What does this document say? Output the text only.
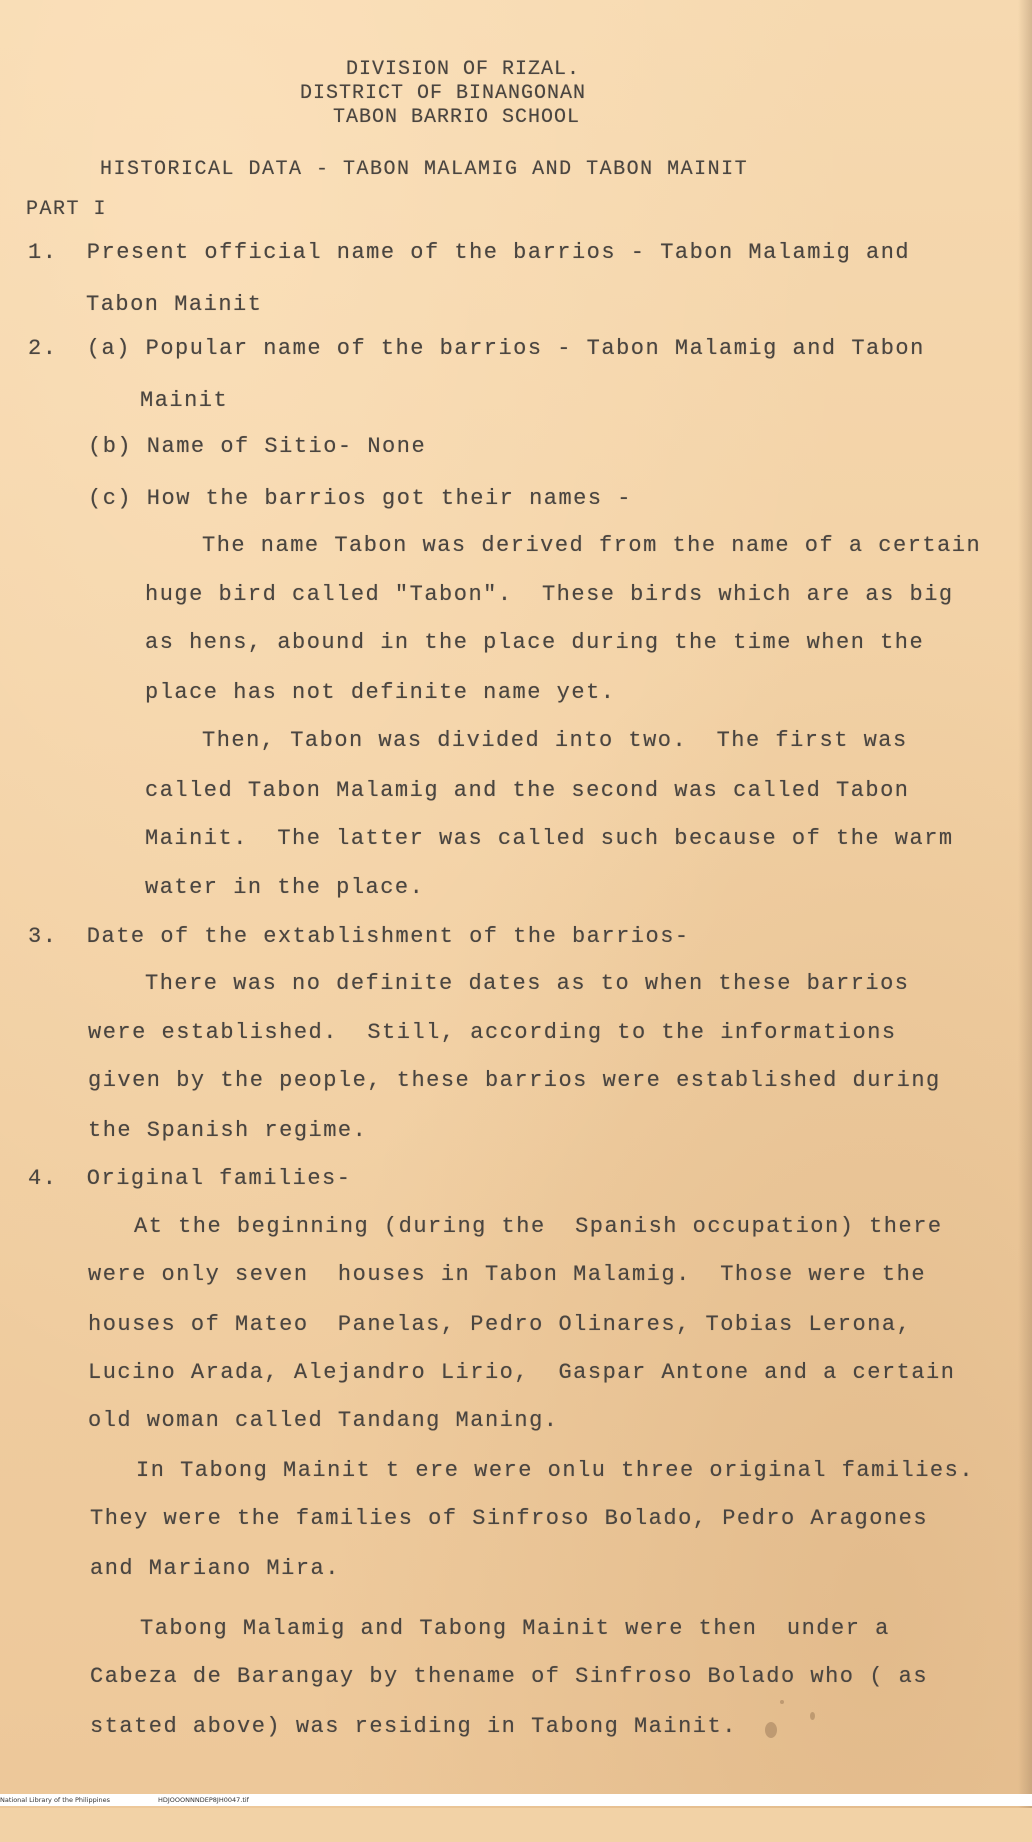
DIVISION OF RIZAL.
DISTRICT OF BINANGONAN
TABON BARRIO SCHOOL
HISTORICAL DATA - TABON MALAMIG AND TABON MAINIT
PART I
1.  Present official name of the barrios - Tabon Malamig and
Tabon Mainit
2.  (a) Popular name of the barrios - Tabon Malamig and Tabon
Mainit
(b) Name of Sitio- None
(c) How the barrios got their names -
The name Tabon was derived from the name of a certain
huge bird called "Tabon".  These birds which are as big
as hens, abound in the place during the time when the
place has not definite name yet.
Then, Tabon was divided into two.  The first was
called Tabon Malamig and the second was called Tabon
Mainit.  The latter was called such because of the warm
water in the place.
3.  Date of the extablishment of the barrios-
There was no definite dates as to when these barrios
were established.  Still, according to the informations
given by the people, these barrios were established during
the Spanish regime.
4.  Original families-
At the beginning (during the  Spanish occupation) there
were only seven  houses in Tabon Malamig.  Those were the
houses of Mateo  Panelas, Pedro Olinares, Tobias Lerona,
Lucino Arada, Alejandro Lirio,  Gaspar Antone and a certain
old woman called Tandang Maning.
In Tabong Mainit t ere were onlu three original families.
They were the families of Sinfroso Bolado, Pedro Aragones
and Mariano Mira.
Tabong Malamig and Tabong Mainit were then  under a
Cabeza de Barangay by thename of Sinfroso Bolado who ( as
stated above) was residing in Tabong Mainit.

National Library of the Philippines

	HDJOOONNNDEP8JH0047.tif
